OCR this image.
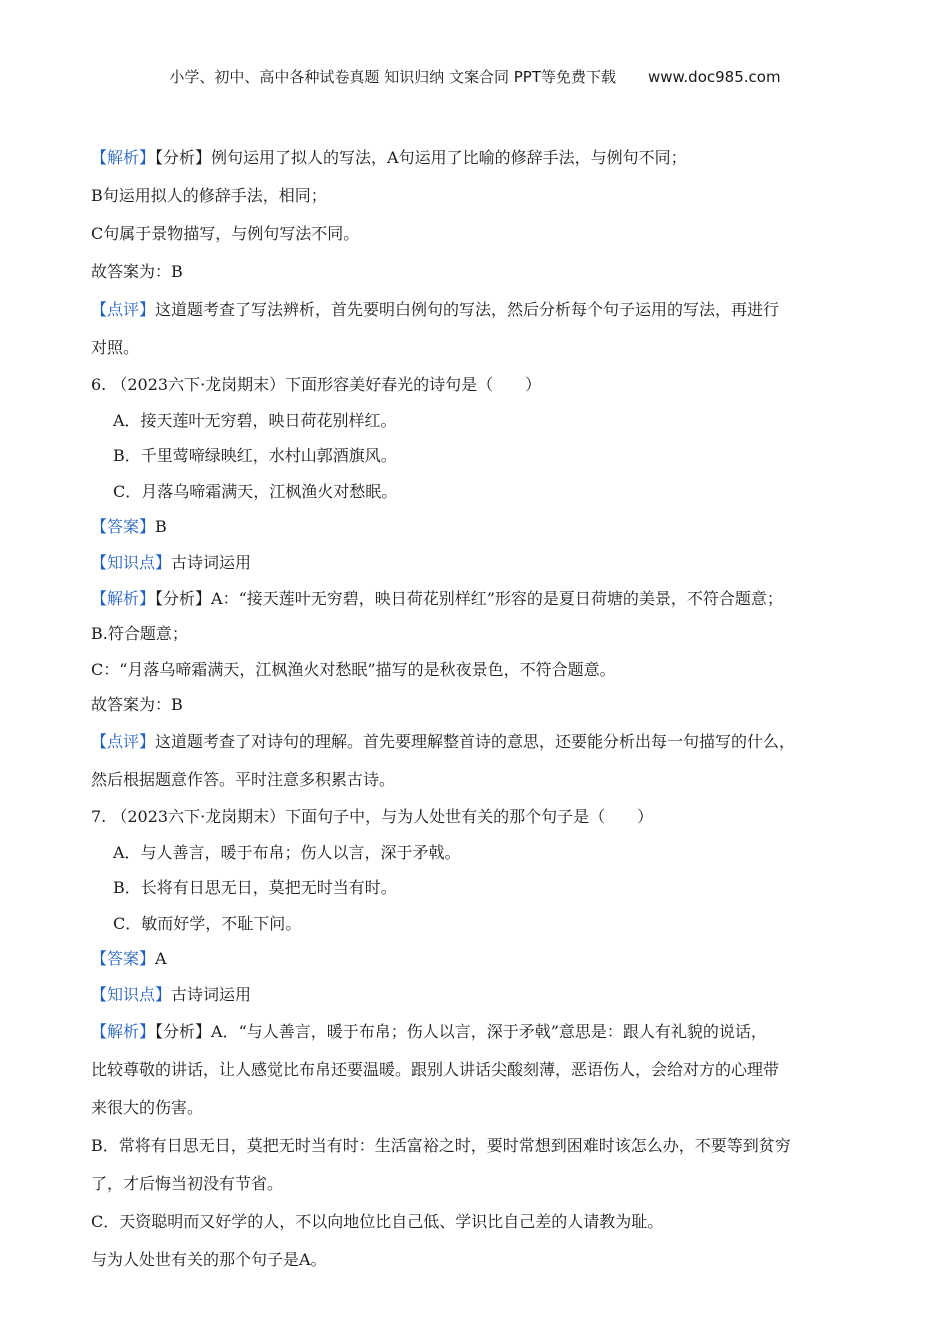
小学、初中、高中各种试卷真题 知识归纳 文案合同 PPT等免费下载 www.doc985.com
【解析】【分析】例句运用了拟人的写法，A句运用了比喻的修辞手法，与例句不同；
B句运用拟人的修辞手法，相同；
C句属于景物描写，与例句写法不同。
故答案为：B
【点评】这道题考查了写法辨析，首先要明白例句的写法，然后分析每个句子运用的写法，再进行
对照。
6. （2023六下·龙岗期末）下面形容美好春光的诗句是（　　）
A．接天莲叶无穷碧，映日荷花别样红。
B．千里莺啼绿映红，水村山郭酒旗风。
C．月落乌啼霜满天，江枫渔火对愁眠。
【答案】B
【知识点】古诗词运用
【解析】【分析】A：“接天莲叶无穷碧，映日荷花别样红”形容的是夏日荷塘的美景，不符合题意；
B.符合题意；
C：“月落乌啼霜满天，江枫渔火对愁眠”描写的是秋夜景色，不符合题意。
故答案为：B
【点评】这道题考查了对诗句的理解。首先要理解整首诗的意思，还要能分析出每一句描写的什么，
然后根据题意作答。平时注意多积累古诗。
7. （2023六下·龙岗期末）下面句子中，与为人处世有关的那个句子是（　　）
A．与人善言，暖于布帛；伤人以言，深于矛戟。
B．长将有日思无日，莫把无时当有时。
C．敏而好学，不耻下问。
【答案】A
【知识点】古诗词运用
【解析】【分析】A．“与人善言，暖于布帛；伤人以言，深于矛戟”意思是：跟人有礼貌的说话，
比较尊敬的讲话，让人感觉比布帛还要温暖。跟别人讲话尖酸刻薄，恶语伤人，会给对方的心理带
来很大的伤害。
B．常将有日思无日，莫把无时当有时：生活富裕之时，要时常想到困难时该怎么办，不要等到贫穷
了，才后悔当初没有节省。
C．天资聪明而又好学的人，不以向地位比自己低、学识比自己差的人请教为耻。
与为人处世有关的那个句子是A。
